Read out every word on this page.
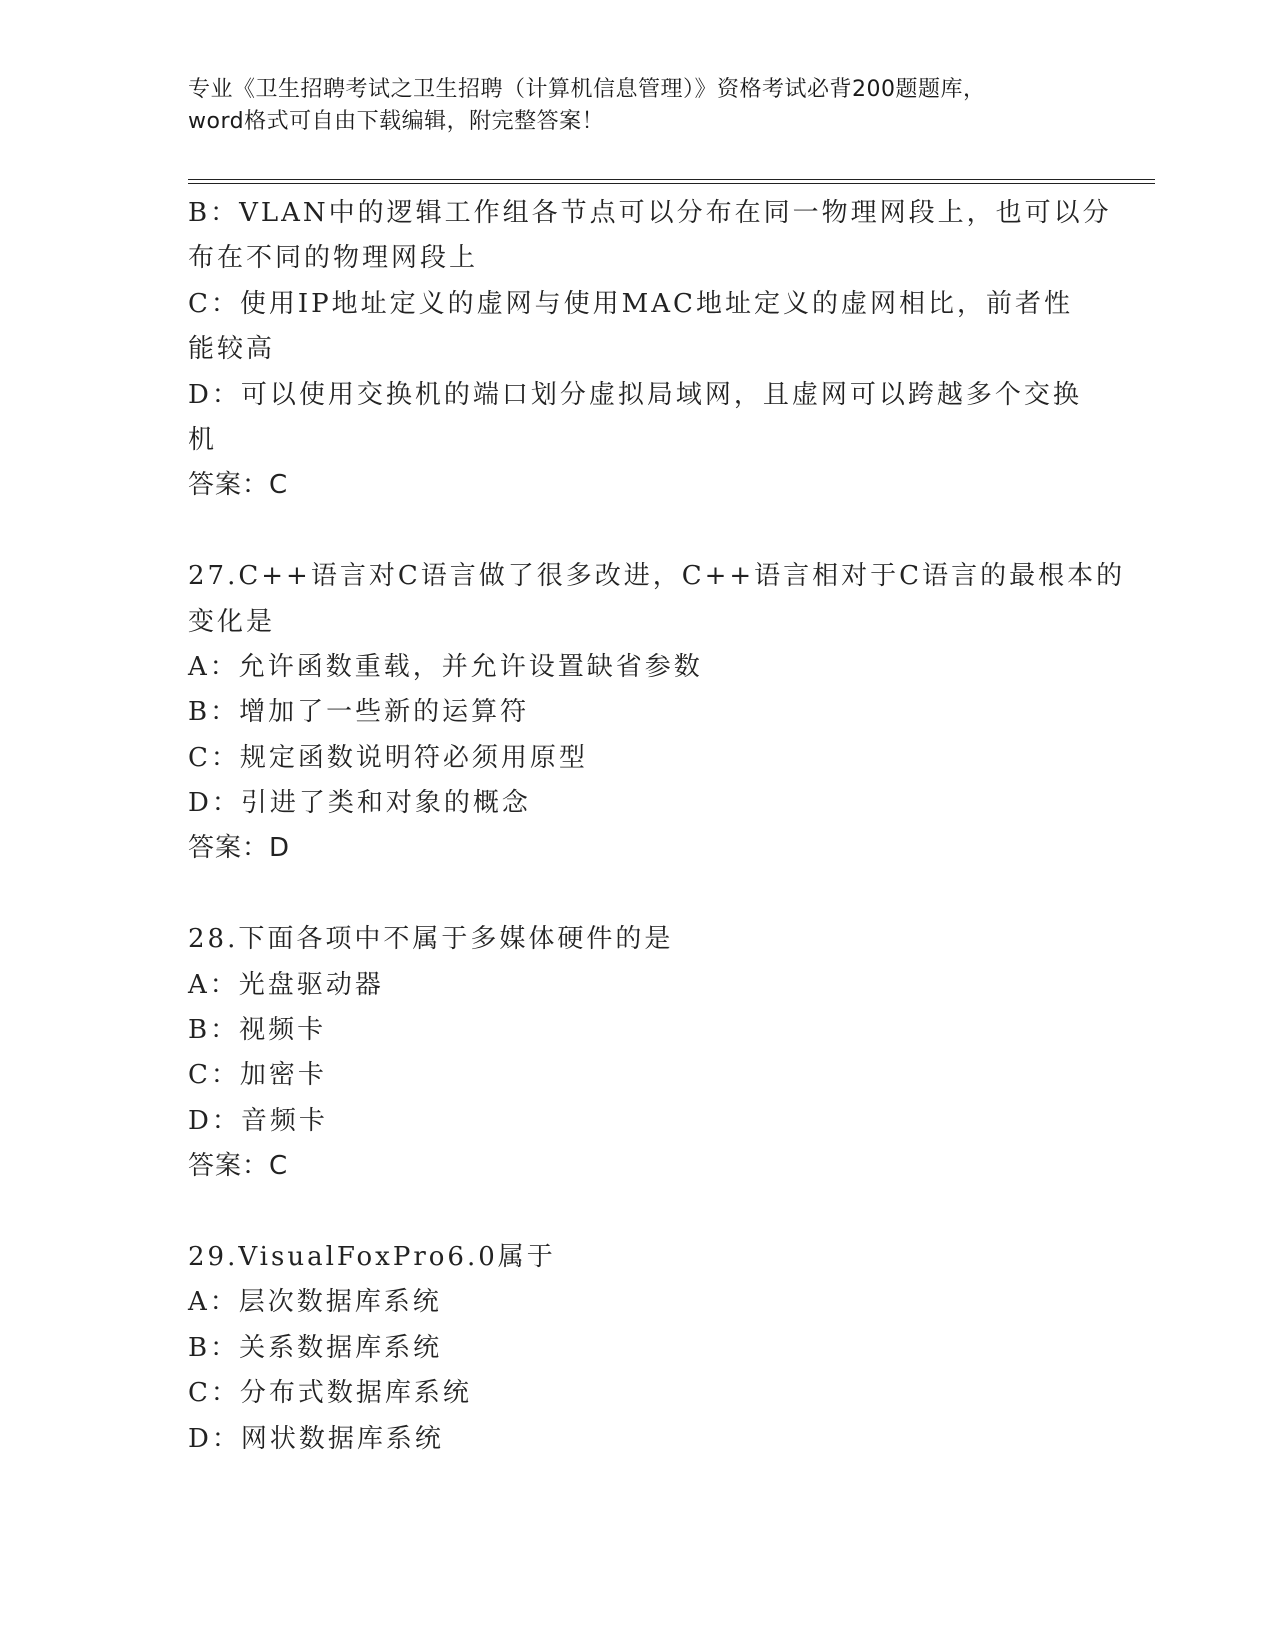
专业《卫生招聘考试之卫生招聘（计算机信息管理）》资格考试必背200题题库，
word格式可自由下载编辑，附完整答案！
B：VLAN中的逻辑工作组各节点可以分布在同一物理网段上，也可以分
布在不同的物理网段上
C：使用IP地址定义的虚网与使用MAC地址定义的虚网相比，前者性
能较高
D：可以使用交换机的端口划分虚拟局域网，且虚网可以跨越多个交换
机
答案：C
27.C++语言对C语言做了很多改进，C++语言相对于C语言的最根本的
变化是
A：允许函数重载，并允许设置缺省参数
B：增加了一些新的运算符
C：规定函数说明符必须用原型
D：引进了类和对象的概念
答案：D
28.下面各项中不属于多媒体硬件的是
A：光盘驱动器
B：视频卡
C：加密卡
D：音频卡
答案：C
29.VisualFoxPro6.0属于
A：层次数据库系统
B：关系数据库系统
C：分布式数据库系统
D：网状数据库系统
